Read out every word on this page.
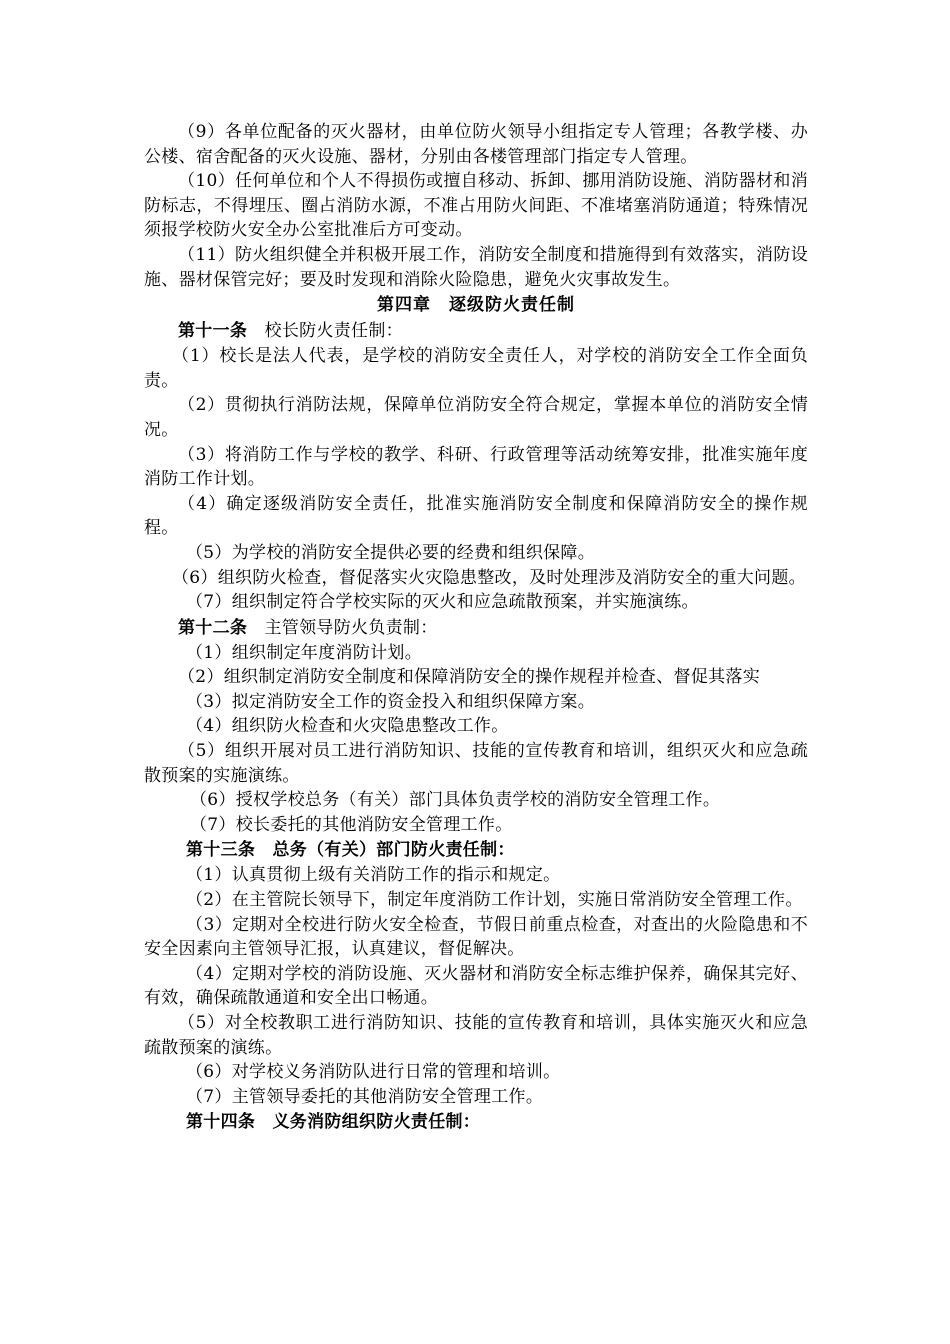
（9）各单位配备的灭火器材，由单位防火领导小组指定专人管理；各教学楼、办公楼、宿舍配备的灭火设施、器材，分别由各楼管理部门指定专人管理。

（10）任何单位和个人不得损伤或擅自移动、拆卸、挪用消防设施、消防器材和消防标志，不得埋压、圈占消防水源，不准占用防火间距、不准堵塞消防通道；特殊情况须报学校防火安全办公室批准后方可变动。

（11）防火组织健全并积极开展工作，消防安全制度和措施得到有效落实，消防设施、器材保管完好；要及时发现和消除火险隐患，避免火灾事故发生。

第四章　逐级防火责任制

第十一条　 校长防火责任制：

（1）校长是法人代表，是学校的消防安全责任人，对学校的消防安全工作全面负责。

（2）贯彻执行消防法规，保障单位消防安全符合规定，掌握本单位的消防安全情况。

（3）将消防工作与学校的教学、科研、行政管理等活动统筹安排，批准实施年度消防工作计划。

（4）确定逐级消防安全责任，批准实施消防安全制度和保障消防安全的操作规程。

（5）为学校的消防安全提供必要的经费和组织保障。

（6）组织防火检查，督促落实火灾隐患整改，及时处理涉及消防安全的重大问题。

（7）组织制定符合学校实际的灭火和应急疏散预案，并实施演练。

第十二条　 主管领导防火负责制：

（1）组织制定年度消防计划。

（2）组织制定消防安全制度和保障消防安全的操作规程并检查、督促其落实

（3）拟定消防安全工作的资金投入和组织保障方案。

（4）组织防火检查和火灾隐患整改工作。

（5）组织开展对员工进行消防知识、技能的宣传教育和培训，组织灭火和应急疏散预案的实施演练。

（6）授权学校总务（有关）部门具体负责学校的消防安全管理工作。

（7）校长委托的其他消防安全管理工作。

第十三条　总务（有关）部门防火责任制：

（1）认真贯彻上级有关消防工作的指示和规定。

（2）在主管院长领导下，制定年度消防工作计划，实施日常消防安全管理工作。

（3）定期对全校进行防火安全检查，节假日前重点检查，对查出的火险隐患和不安全因素向主管领导汇报，认真建议，督促解决。

（4）定期对学校的消防设施、灭火器材和消防安全标志维护保养，确保其完好、有效，确保疏散通道和安全出口畅通。

（5）对全校教职工进行消防知识、技能的宣传教育和培训，具体实施灭火和应急疏散预案的演练。

（6）对学校义务消防队进行日常的管理和培训。

（7）主管领导委托的其他消防安全管理工作。

第十四条　义务消防组织防火责任制：
